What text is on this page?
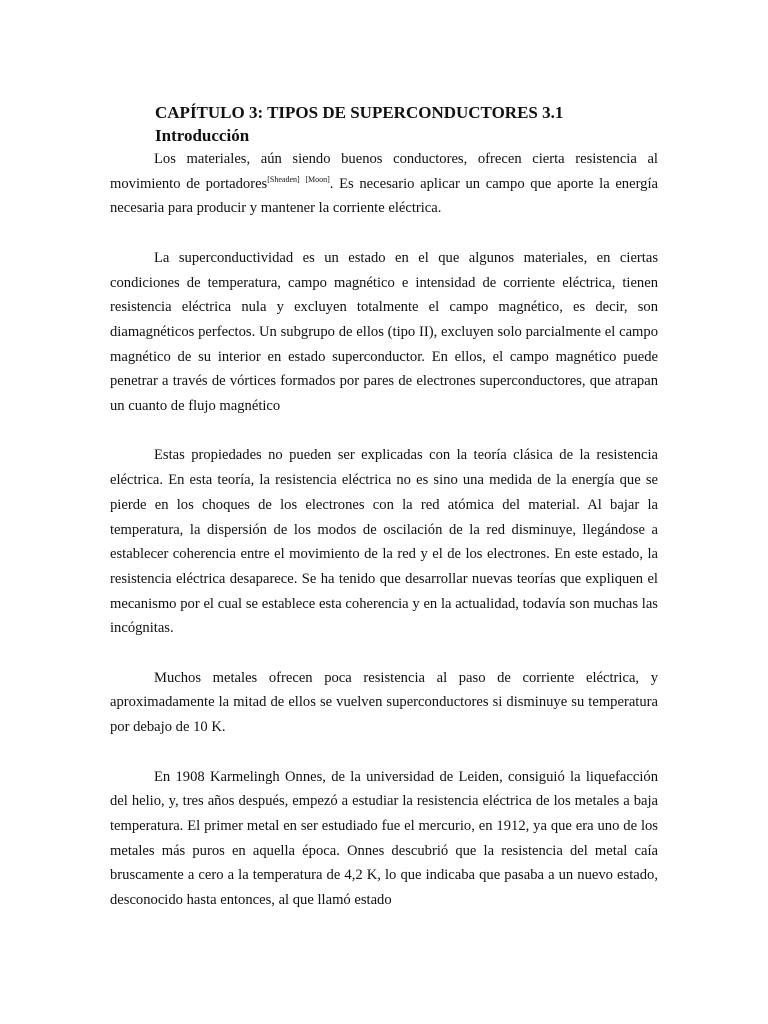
CAPÍTULO 3: TIPOS DE SUPERCONDUCTORES 3.1
Introducción

Los materiales, aún siendo buenos conductores, ofrecen cierta resistencia al movimiento de portadores[Sheaden] [Moon]. Es necesario aplicar un campo que aporte la energía necesaria para producir y mantener la corriente eléctrica.

La superconductividad es un estado en el que algunos materiales, en ciertas condiciones de temperatura, campo magnético e intensidad de corriente eléctrica, tienen resistencia eléctrica nula y excluyen totalmente el campo magnético, es decir, son diamagnéticos perfectos. Un subgrupo de ellos (tipo II), excluyen solo parcialmente el campo magnético de su interior en estado superconductor. En ellos, el campo magnético puede penetrar a través de vórtices formados por pares de electrones superconductores, que atrapan un cuanto de flujo magnético

Estas propiedades no pueden ser explicadas con la teoría clásica de la resistencia eléctrica. En esta teoría, la resistencia eléctrica no es sino una medida de la energía que se pierde en los choques de los electrones con la red atómica del material. Al bajar la temperatura, la dispersión de los modos de oscilación de la red disminuye, llegándose a establecer coherencia entre el movimiento de la red y el de los electrones. En este estado, la resistencia eléctrica desaparece. Se ha tenido que desarrollar nuevas teorías que expliquen el mecanismo por el cual se establece esta coherencia y en la actualidad, todavía son muchas las incógnitas.

Muchos metales ofrecen poca resistencia al paso de corriente eléctrica, y aproximadamente la mitad de ellos se vuelven superconductores si disminuye su temperatura por debajo de 10 K.

En 1908 Karmelingh Onnes, de la universidad de Leiden, consiguió la liquefacción del helio, y, tres años después, empezó a estudiar la resistencia eléctrica de los metales a baja temperatura. El primer metal en ser estudiado fue el mercurio, en 1912, ya que era uno de los metales más puros en aquella época. Onnes descubrió que la resistencia del metal caía bruscamente a cero a la temperatura de 4,2 K, lo que indicaba que pasaba a un nuevo estado, desconocido hasta entonces, al que llamó estado
